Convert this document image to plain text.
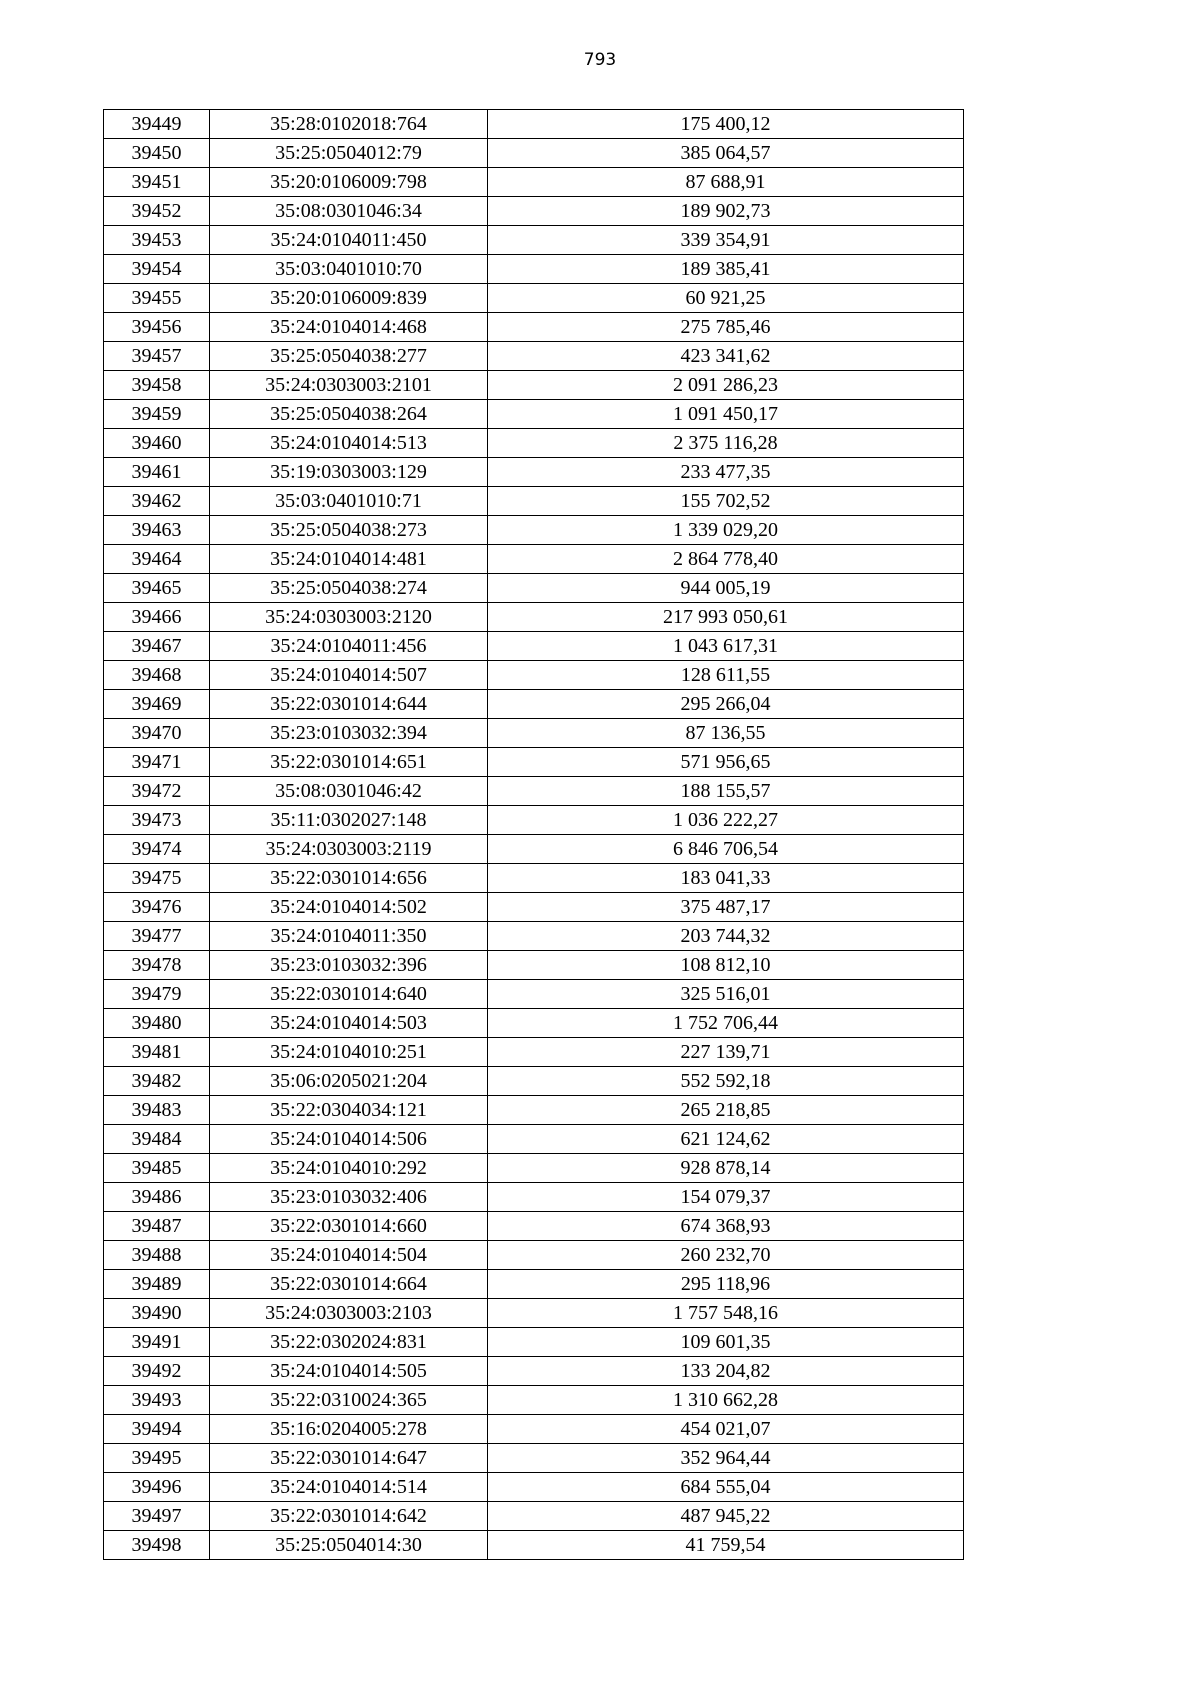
793
39449	35:28:0102018:764	175 400,12
39450	35:25:0504012:79	385 064,57
39451	35:20:0106009:798	87 688,91
39452	35:08:0301046:34	189 902,73
39453	35:24:0104011:450	339 354,91
39454	35:03:0401010:70	189 385,41
39455	35:20:0106009:839	60 921,25
39456	35:24:0104014:468	275 785,46
39457	35:25:0504038:277	423 341,62
39458	35:24:0303003:2101	2 091 286,23
39459	35:25:0504038:264	1 091 450,17
39460	35:24:0104014:513	2 375 116,28
39461	35:19:0303003:129	233 477,35
39462	35:03:0401010:71	155 702,52
39463	35:25:0504038:273	1 339 029,20
39464	35:24:0104014:481	2 864 778,40
39465	35:25:0504038:274	944 005,19
39466	35:24:0303003:2120	217 993 050,61
39467	35:24:0104011:456	1 043 617,31
39468	35:24:0104014:507	128 611,55
39469	35:22:0301014:644	295 266,04
39470	35:23:0103032:394	87 136,55
39471	35:22:0301014:651	571 956,65
39472	35:08:0301046:42	188 155,57
39473	35:11:0302027:148	1 036 222,27
39474	35:24:0303003:2119	6 846 706,54
39475	35:22:0301014:656	183 041,33
39476	35:24:0104014:502	375 487,17
39477	35:24:0104011:350	203 744,32
39478	35:23:0103032:396	108 812,10
39479	35:22:0301014:640	325 516,01
39480	35:24:0104014:503	1 752 706,44
39481	35:24:0104010:251	227 139,71
39482	35:06:0205021:204	552 592,18
39483	35:22:0304034:121	265 218,85
39484	35:24:0104014:506	621 124,62
39485	35:24:0104010:292	928 878,14
39486	35:23:0103032:406	154 079,37
39487	35:22:0301014:660	674 368,93
39488	35:24:0104014:504	260 232,70
39489	35:22:0301014:664	295 118,96
39490	35:24:0303003:2103	1 757 548,16
39491	35:22:0302024:831	109 601,35
39492	35:24:0104014:505	133 204,82
39493	35:22:0310024:365	1 310 662,28
39494	35:16:0204005:278	454 021,07
39495	35:22:0301014:647	352 964,44
39496	35:24:0104014:514	684 555,04
39497	35:22:0301014:642	487 945,22
39498	35:25:0504014:30	41 759,54
